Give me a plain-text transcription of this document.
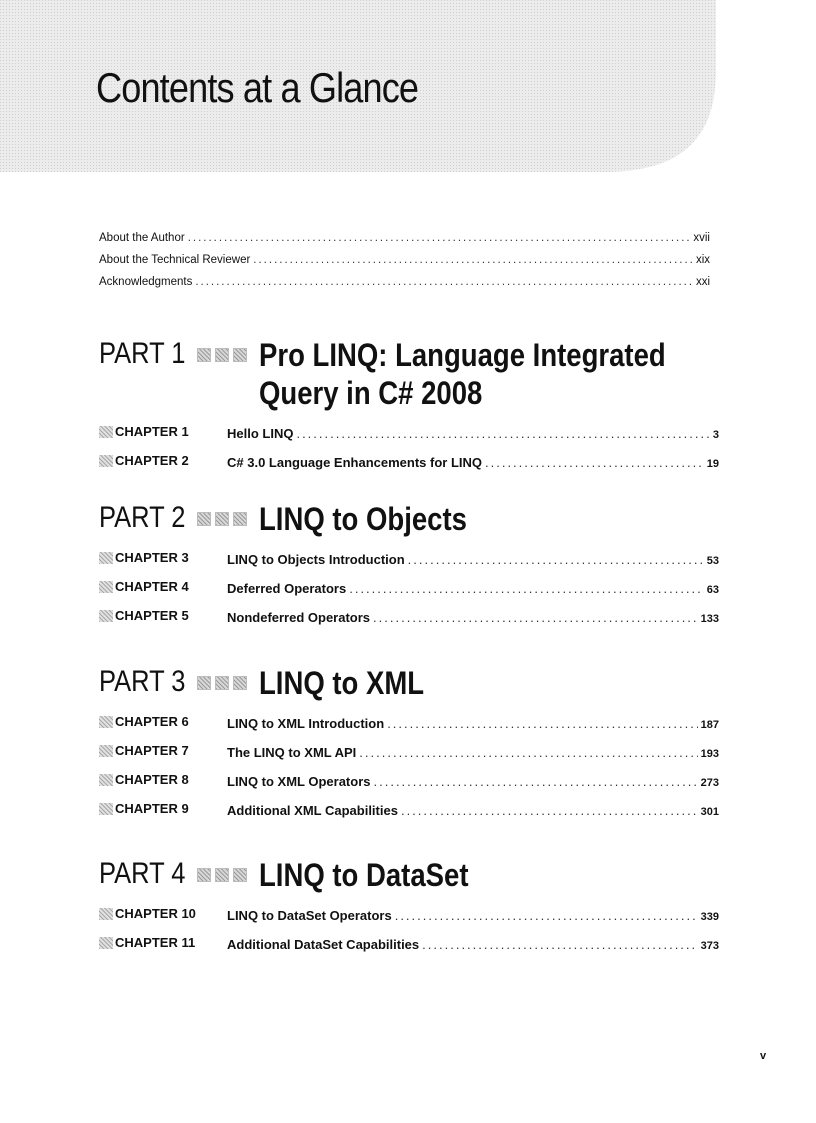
Contents at a Glance
About the Author .....	xvii
About the Technical Reviewer .....	xix
Acknowledgments .....	xxi
PART 1 Pro LINQ: Language Integrated
Query in C# 2008
CHAPTER 1	Hello LINQ .....	3
CHAPTER 2	C# 3.0 Language Enhancements for LINQ .....	19
PART 2 LINQ to Objects
CHAPTER 3	LINQ to Objects Introduction .....	53
CHAPTER 4	Deferred Operators .....	63
CHAPTER 5	Nondeferred Operators .....	133
PART 3 LINQ to XML
CHAPTER 6	LINQ to XML Introduction .....	187
CHAPTER 7	The LINQ to XML API .....	193
CHAPTER 8	LINQ to XML Operators .....	273
CHAPTER 9	Additional XML Capabilities .....	301
PART 4 LINQ to DataSet
CHAPTER 10 LINQ to DataSet Operators .....	339
CHAPTER 11 Additional DataSet Capabilities .....	373
v
